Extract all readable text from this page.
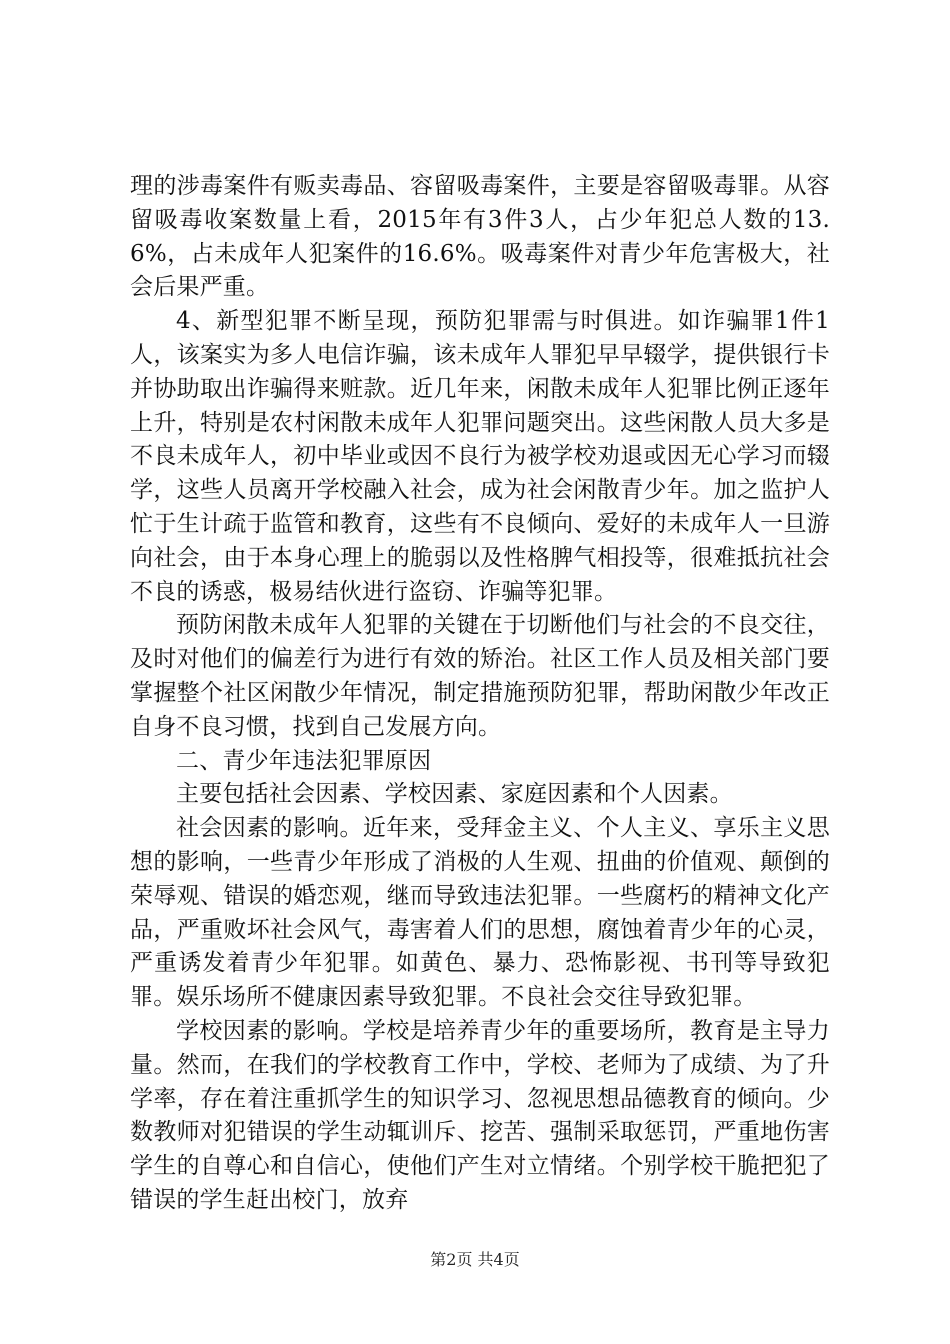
理的涉毒案件有贩卖毒品、容留吸毒案件，主要是容留吸毒罪。从容留吸毒收案数量上看，2015年有3件3人，占少年犯总人数的13.6%，占未成年人犯案件的16.6%。吸毒案件对青少年危害极大，社会后果严重。

4、新型犯罪不断呈现，预防犯罪需与时俱进。如诈骗罪1件1人，该案实为多人电信诈骗，该未成年人罪犯早早辍学，提供银行卡并协助取出诈骗得来赃款。近几年来，闲散未成年人犯罪比例正逐年上升，特别是农村闲散未成年人犯罪问题突出。这些闲散人员大多是不良未成年人，初中毕业或因不良行为被学校劝退或因无心学习而辍学，这些人员离开学校融入社会，成为社会闲散青少年。加之监护人忙于生计疏于监管和教育，这些有不良倾向、爱好的未成年人一旦游向社会，由于本身心理上的脆弱以及性格脾气相投等，很难抵抗社会不良的诱惑，极易结伙进行盗窃、诈骗等犯罪。

预防闲散未成年人犯罪的关键在于切断他们与社会的不良交往，及时对他们的偏差行为进行有效的矫治。社区工作人员及相关部门要掌握整个社区闲散少年情况，制定措施预防犯罪，帮助闲散少年改正自身不良习惯，找到自己发展方向。

二、青少年违法犯罪原因

主要包括社会因素、学校因素、家庭因素和个人因素。

社会因素的影响。近年来，受拜金主义、个人主义、享乐主义思想的影响，一些青少年形成了消极的人生观、扭曲的价值观、颠倒的荣辱观、错误的婚恋观，继而导致违法犯罪。一些腐朽的精神文化产品，严重败坏社会风气，毒害着人们的思想，腐蚀着青少年的心灵，严重诱发着青少年犯罪。如黄色、暴力、恐怖影视、书刊等导致犯罪。娱乐场所不健康因素导致犯罪。不良社会交往导致犯罪。

学校因素的影响。学校是培养青少年的重要场所，教育是主导力量。然而，在我们的学校教育工作中，学校、老师为了成绩、为了升学率，存在着注重抓学生的知识学习、忽视思想品德教育的倾向。少数教师对犯错误的学生动辄训斥、挖苦、强制采取惩罚，严重地伤害学生的自尊心和自信心，使他们产生对立情绪。个别学校干脆把犯了错误的学生赶出校门，放弃

第2页 共4页
